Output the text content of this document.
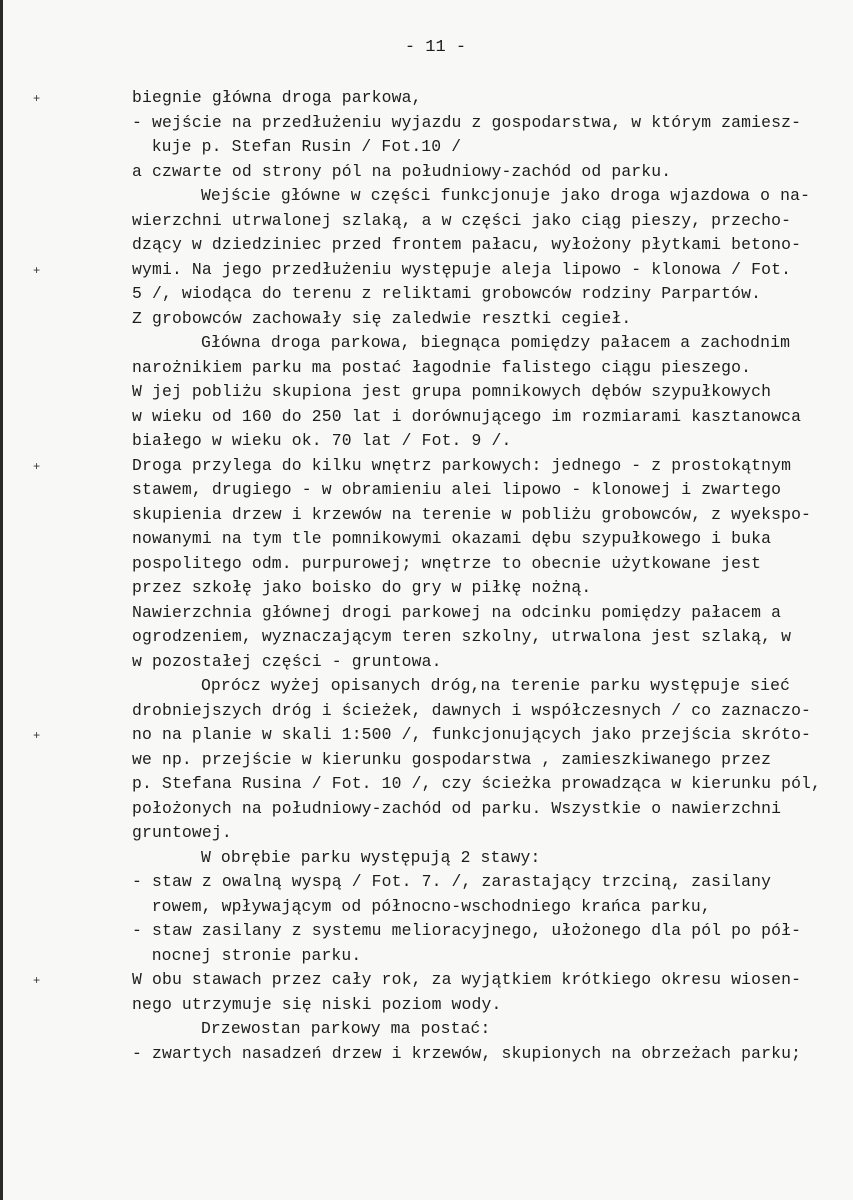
- 11 -
+
+
+
+
+
biegnie główna droga parkowa,
- wejście na przedłużeniu wyjazdu z gospodarstwa, w którym zamiesz-
kuje p. Stefan Rusin / Fot.10 /
a czwarte od strony pól na południowy-zachód od parku.
Wejście główne w części funkcjonuje jako droga wjazdowa o na-
wierzchni utrwalonej szlaką, a w części jako ciąg pieszy, przecho-
dzący w dziedziniec przed frontem pałacu, wyłożony płytkami betono-
wymi. Na jego przedłużeniu występuje aleja lipowo - klonowa / Fot.
5 /, wiodąca do terenu z reliktami grobowców rodziny Parpartów.
Z grobowców zachowały się zaledwie resztki cegieł.
Główna droga parkowa, biegnąca pomiędzy pałacem a zachodnim
narożnikiem parku ma postać łagodnie falistego ciągu pieszego.
W jej pobliżu skupiona jest grupa pomnikowych dębów szypułkowych
w wieku od 160 do 250 lat i dorównującego im rozmiarami kasztanowca
białego w wieku ok. 70 lat / Fot. 9 /.
Droga przylega do kilku wnętrz parkowych: jednego - z prostokątnym
stawem, drugiego - w obramieniu alei lipowo - klonowej i zwartego
skupienia drzew i krzewów na terenie w pobliżu grobowców, z wyekspo-
nowanymi na tym tle pomnikowymi okazami dębu szypułkowego i buka
pospolitego odm. purpurowej; wnętrze to obecnie użytkowane jest
przez szkołę jako boisko do gry w piłkę nożną.
Nawierzchnia głównej drogi parkowej na odcinku pomiędzy pałacem a
ogrodzeniem, wyznaczającym teren szkolny, utrwalona jest szlaką, w
w pozostałej części - gruntowa.
Oprócz wyżej opisanych dróg,na terenie parku występuje sieć
drobniejszych dróg i ścieżek, dawnych i współczesnych / co zaznaczo-
no na planie w skali 1:500 /, funkcjonujących jako przejścia skróto-
we np. przejście w kierunku gospodarstwa , zamieszkiwanego przez
p. Stefana Rusina / Fot. 10 /, czy ścieżka prowadząca w kierunku pól,
położonych na południowy-zachód od parku. Wszystkie o nawierzchni
gruntowej.
W obrębie parku występują 2 stawy:
- staw z owalną wyspą / Fot. 7. /, zarastający trzciną, zasilany
rowem, wpływającym od północno-wschodniego krańca parku,
- staw zasilany z systemu melioracyjnego, ułożonego dla pól po pół-
nocnej stronie parku.
W obu stawach przez cały rok, za wyjątkiem krótkiego okresu wiosen-
nego utrzymuje się niski poziom wody.
Drzewostan parkowy ma postać:
- zwartych nasadzeń drzew i krzewów, skupionych na obrzeżach parku;
